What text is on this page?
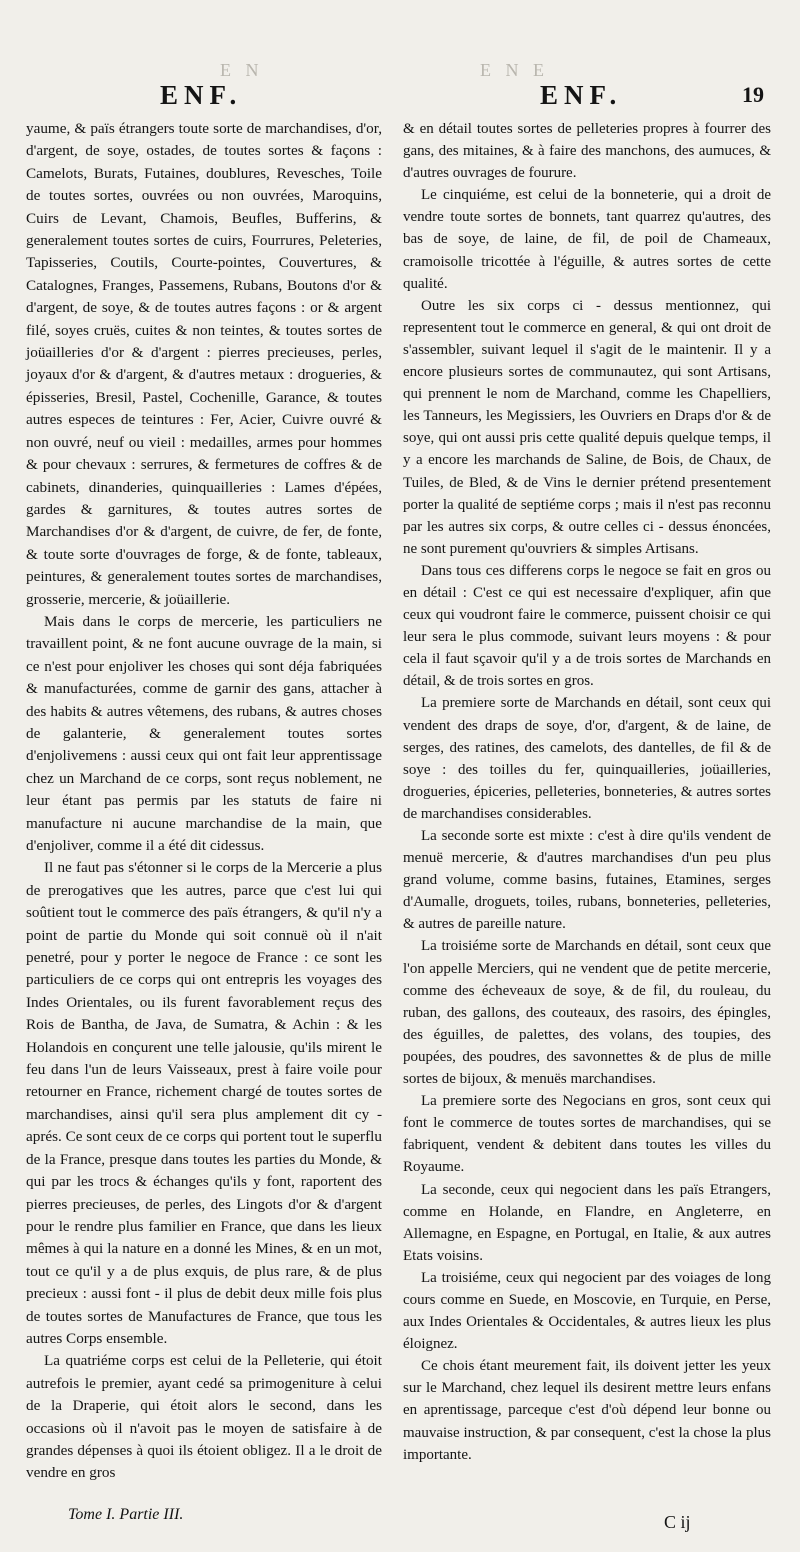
E N	E N E
ENF.	ENF.	19

yaume, & païs étrangers toute sorte de marchandises, d'or, d'argent, de soye, ostades, de toutes sortes & façons : Camelots, Burats, Futaines, doublures, Revesches, Toile de toutes sortes, ouvrées ou non ouvrées, Maroquins, Cuirs de Levant, Chamois, Beufles, Bufferins, & generalement toutes sortes de cuirs, Fourrures, Peleteries, Tapisseries, Coutils, Courte-pointes, Couvertures, & Catalognes, Franges, Passemens, Rubans, Boutons d'or & d'argent, de soye, & de toutes autres façons : or & argent filé, soyes cruës, cuites & non teintes, & toutes sortes de joüailleries d'or & d'argent : pierres precieuses, perles, joyaux d'or & d'argent, & d'autres metaux : drogueries, & épisseries, Bresil, Pastel, Cochenille, Garance, & toutes autres especes de teintures : Fer, Acier, Cuivre ouvré & non ouvré, neuf ou vieil : medailles, armes pour hommes & pour chevaux : serrures, & fermetures de coffres & de cabinets, dinanderies, quinquailleries : Lames d'épées, gardes & garnitures, & toutes autres sortes de Marchandises d'or & d'argent, de cuivre, de fer, de fonte, & toute sorte d'ouvrages de forge, & de fonte, tableaux, peintures, & generalement toutes sortes de marchandises, grosserie, mercerie, & joüaillerie.

Mais dans le corps de mercerie, les particuliers ne travaillent point, & ne font aucune ouvrage de la main, si ce n'est pour enjoliver les choses qui sont déja fabriquées & manufacturées, comme de garnir des gans, attacher à des habits & autres vêtemens, des rubans, & autres choses de galanterie, & generalement toutes sortes d'enjolivemens : aussi ceux qui ont fait leur apprentissage chez un Marchand de ce corps, sont reçus noblement, ne leur étant pas permis par les statuts de faire ni manufacture ni aucune marchandise de la main, que d'enjoliver, comme il a été dit cidessus.

Il ne faut pas s'étonner si le corps de la Mercerie a plus de prerogatives que les autres, parce que c'est lui qui soûtient tout le commerce des païs étrangers, & qu'il n'y a point de partie du Monde qui soit connuë où il n'ait penetré, pour y porter le negoce de France : ce sont les particuliers de ce corps qui ont entrepris les voyages des Indes Orientales, ou ils furent favorablement reçus des Rois de Bantha, de Java, de Sumatra, & Achin : & les Holandois en conçurent une telle jalousie, qu'ils mirent le feu dans l'un de leurs Vaisseaux, prest à faire voile pour retourner en France, richement chargé de toutes sortes de marchandises, ainsi qu'il sera plus amplement dit cy - aprés. Ce sont ceux de ce corps qui portent tout le superflu de la France, presque dans toutes les parties du Monde, & qui par les trocs & échanges qu'ils y font, raportent des pierres precieuses, de perles, des Lingots d'or & d'argent pour le rendre plus familier en France, que dans les lieux mêmes à qui la nature en a donné les Mines, & en un mot, tout ce qu'il y a de plus exquis, de plus rare, & de plus precieux : aussi font - il plus de debit deux mille fois plus de toutes sortes de Manufactures de France, que tous les autres Corps ensemble.

La quatriéme corps est celui de la Pelleterie, qui étoit autrefois le premier, ayant cedé sa primogeniture à celui de la Draperie, qui étoit alors le second, dans les occasions où il n'avoit pas le moyen de satisfaire à de grandes dépenses à quoi ils étoient obligez. Il a le droit de vendre en gros

& en détail toutes sortes de pelleteries propres à fourrer des gans, des mitaines, & à faire des manchons, des aumuces, & d'autres ouvrages de fourure.

Le cinquiéme, est celui de la bonneterie, qui a droit de vendre toute sortes de bonnets, tant quarrez qu'autres, des bas de soye, de laine, de fil, de poil de Chameaux, cramoisolle tricottée à l'éguille, & autres sortes de cette qualité.

Outre les six corps ci - dessus mentionnez, qui representent tout le commerce en general, & qui ont droit de s'assembler, suivant lequel il s'agit de le maintenir. Il y a encore plusieurs sortes de communautez, qui sont Artisans, qui prennent le nom de Marchand, comme les Chapelliers, les Tanneurs, les Megissiers, les Ouvriers en Draps d'or & de soye, qui ont aussi pris cette qualité depuis quelque temps, il y a encore les marchands de Saline, de Bois, de Chaux, de Tuiles, de Bled, & de Vins le dernier prétend presentement porter la qualité de septiéme corps ; mais il n'est pas reconnu par les autres six corps, & outre celles ci - dessus énoncées, ne sont purement qu'ouvriers & simples Artisans.

Dans tous ces differens corps le negoce se fait en gros ou en détail : C'est ce qui est necessaire d'expliquer, afin que ceux qui voudront faire le commerce, puissent choisir ce qui leur sera le plus commode, suivant leurs moyens : & pour cela il faut sçavoir qu'il y a de trois sortes de Marchands en détail, & de trois sortes en gros.

La premiere sorte de Marchands en détail, sont ceux qui vendent des draps de soye, d'or, d'argent, & de laine, de serges, des ratines, des camelots, des dantelles, de fil & de soye : des toilles du fer, quinquailleries, joüailleries, drogueries, épiceries, pelleteries, bonneteries, & autres sortes de marchandises considerables.

La seconde sorte est mixte : c'est à dire qu'ils vendent de menuë mercerie, & d'autres marchandises d'un peu plus grand volume, comme basins, futaines, Etamines, serges d'Aumalle, droguets, toiles, rubans, bonneteries, pelleteries, & autres de pareille nature.

La troisiéme sorte de Marchands en détail, sont ceux que l'on appelle Merciers, qui ne vendent que de petite mercerie, comme des écheveaux de soye, & de fil, du rouleau, du ruban, des gallons, des couteaux, des rasoirs, des épingles, des éguilles, de palettes, des volans, des toupies, des poupées, des poudres, des savonnettes & de plus de mille sortes de bijoux, & menuës marchandises.

La premiere sorte des Negocians en gros, sont ceux qui font le commerce de toutes sortes de marchandises, qui se fabriquent, vendent & debitent dans toutes les villes du Royaume.

La seconde, ceux qui negocient dans les païs Etrangers, comme en Holande, en Flandre, en Angleterre, en Allemagne, en Espagne, en Portugal, en Italie, & aux autres Etats voisins.

La troisiéme, ceux qui negocient par des voiages de long cours comme en Suede, en Moscovie, en Turquie, en Perse, aux Indes Orientales & Occidentales, & autres lieux les plus éloignez.

Ce chois étant meurement fait, ils doivent jetter les yeux sur le Marchand, chez lequel ils desirent mettre leurs enfans en aprentissage, parceque c'est d'où dépend leur bonne ou mauvaise instruction, & par consequent, c'est la chose la plus importante.

Tome I. Partie III.	C ij
